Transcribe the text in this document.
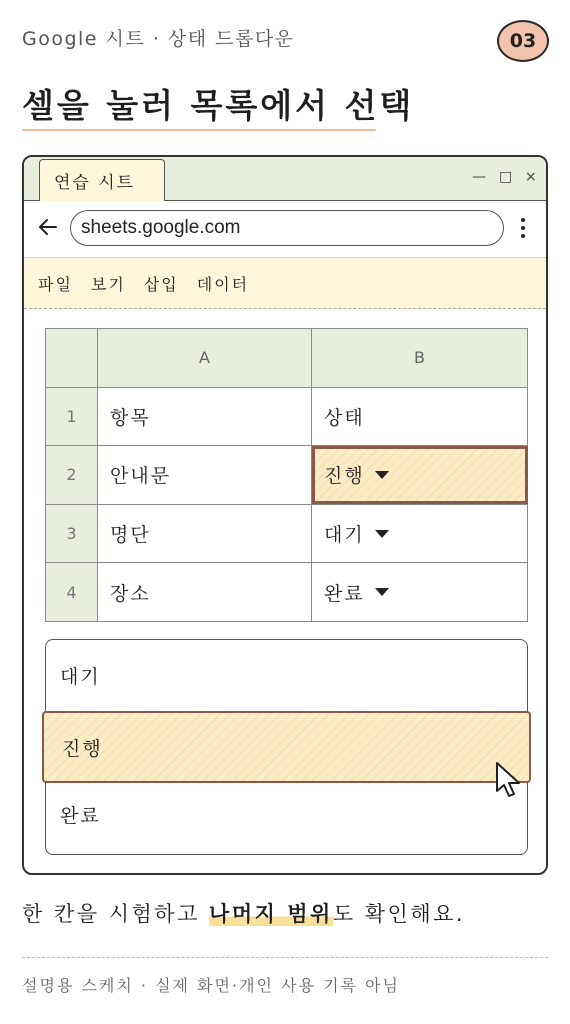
Google 시트 · 상태 드롭다운	03
셀을 눌러 목록에서 선택
연습 시트	— □ ×
sheets.google.com
파일 보기 삽입 데이터
	A	B
1	항목	상태
2	안내문	진행

3	명단	대기

4	장소	완료
대기
진행
완료
한 칸을 시험하고 나머지 범위도 확인해요.
설명용 스케치 · 실제 화면·개인 사용 기록 아님
